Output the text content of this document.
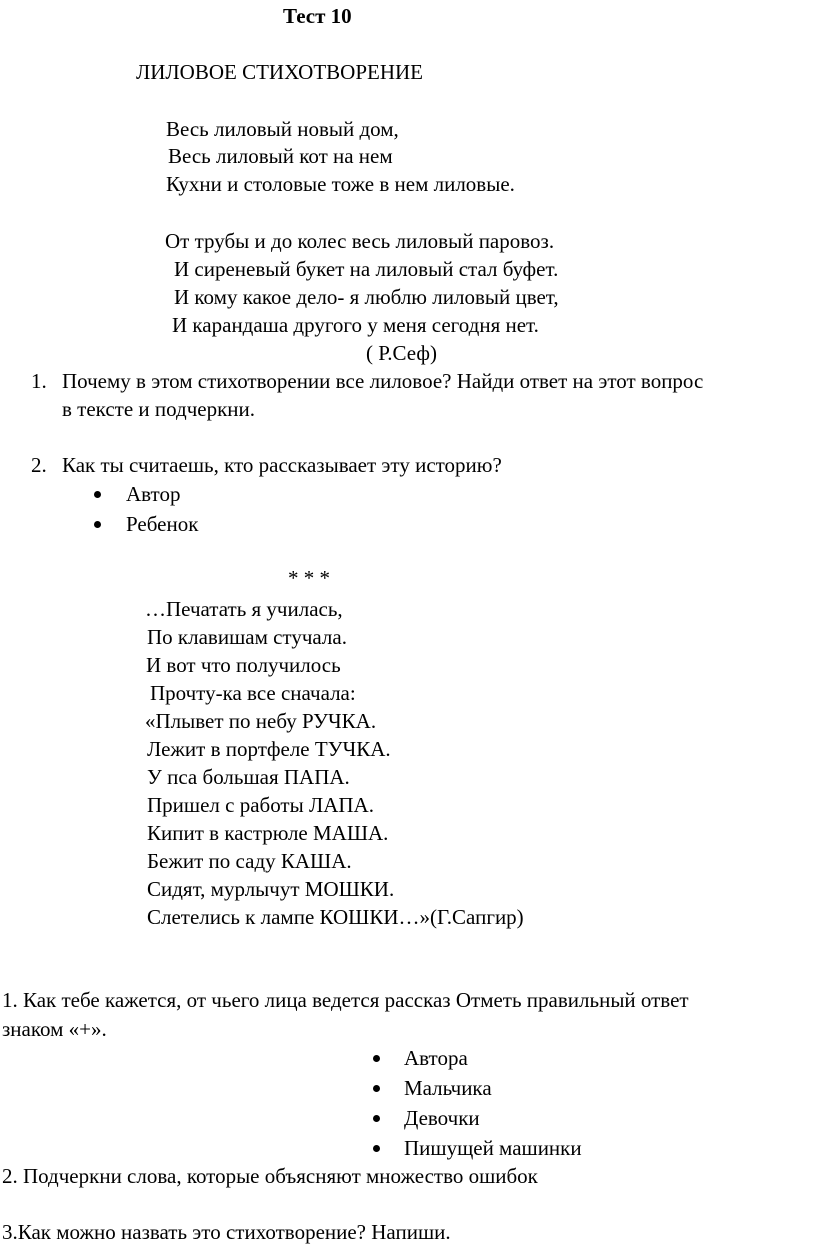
Тест 10
ЛИЛОВОЕ СТИХОТВОРЕНИЕ
Весь лиловый новый дом,
Весь лиловый кот на нем
Кухни и столовые тоже в нем лиловые.
От трубы и до колес весь лиловый паровоз.
И сиреневый букет на лиловый стал буфет.
И кому какое дело- я люблю лиловый цвет,
И карандаша другого у меня сегодня нет.
( Р.Сеф)
1. Почему в этом стихотворении все лиловое? Найди ответ на этот вопрос
в тексте и подчеркни.
2. Как ты считаешь, кто рассказывает эту историю?
Автор
Ребенок
* * *
…Печатать я училась,
По клавишам стучала.
И вот что получилось
Прочту-ка все сначала:
«Плывет по небу РУЧКА.
Лежит в портфеле ТУЧКА.
У пса большая ПАПА.
Пришел с работы ЛАПА.
Кипит в кастрюле МАША.
Бежит по саду КАША.
Сидят, мурлычут МОШКИ.
Слетелись к лампе КОШКИ…»(Г.Сапгир)
1. Как тебе кажется, от чьего лица ведется рассказ Отметь правильный ответ
знаком «+».
Автора
Мальчика
Девочки
Пишущей машинки
2. Подчеркни слова, которые объясняют множество ошибок
3.Как можно назвать это стихотворение? Напиши.
